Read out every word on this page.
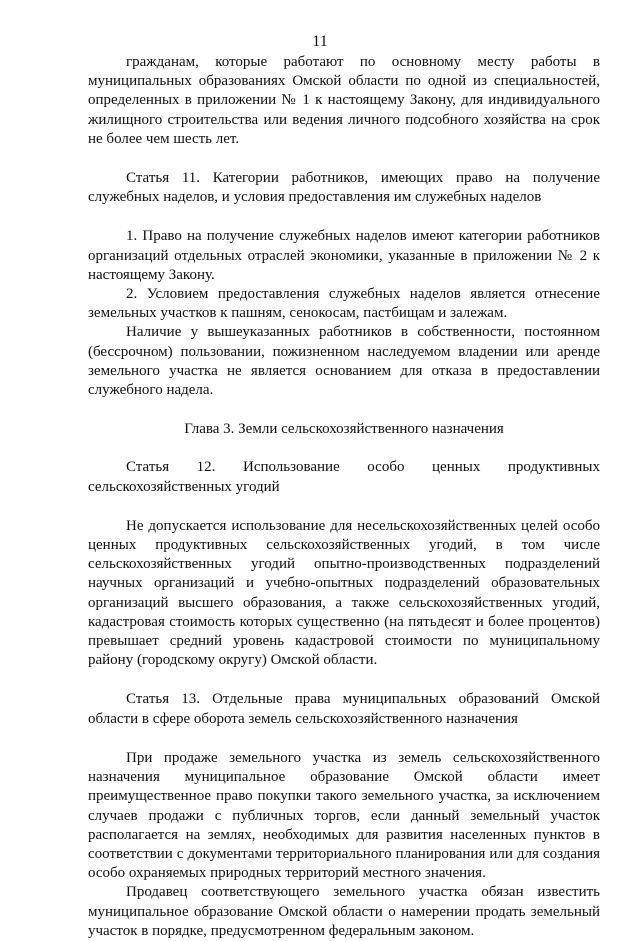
11

гражданам, которые работают по основному месту работы в муниципальных образованиях Омской области по одной из специальностей, определенных в приложении № 1 к настоящему Закону, для индивидуального жилищного строительства или ведения личного подсобного хозяйства на срок не более чем шесть лет.

Статья 11. Категории работников, имеющих право на получение служебных наделов, и условия предоставления им служебных наделов

1. Право на получение служебных наделов имеют категории работников организаций отдельных отраслей экономики, указанные в приложении № 2 к настоящему Закону.

2. Условием предоставления служебных наделов является отнесение земельных участков к пашням, сенокосам, пастбищам и залежам.

Наличие у вышеуказанных работников в собственности, постоянном (бессрочном) пользовании, пожизненном наследуемом владении или аренде земельного участка не является основанием для отказа в предоставлении служебного надела.

Глава 3. Земли сельскохозяйственного назначения

Статья 12. Использование особо ценных продуктивных сельскохозяйственных угодий

Не допускается использование для несельскохозяйственных целей особо ценных продуктивных сельскохозяйственных угодий, в том числе сельскохозяйственных угодий опытно-производственных подразделений научных организаций и учебно-опытных подразделений образовательных организаций высшего образования, а также сельскохозяйственных угодий, кадастровая стоимость которых существенно (на пятьдесят и более процентов) превышает средний уровень кадастровой стоимости по муниципальному району (городскому округу) Омской области.

Статья 13. Отдельные права муниципальных образований Омской области в сфере оборота земель сельскохозяйственного назначения

При продаже земельного участка из земель сельскохозяйственного назначения муниципальное образование Омской области имеет преимущественное право покупки такого земельного участка, за исключением случаев продажи с публичных торгов, если данный земельный участок располагается на землях, необходимых для развития населенных пунктов в соответствии с документами территориального планирования или для создания особо охраняемых природных территорий местного значения.

Продавец соответствующего земельного участка обязан известить муниципальное образование Омской области о намерении продать земельный участок в порядке, предусмотренном федеральным законом.
